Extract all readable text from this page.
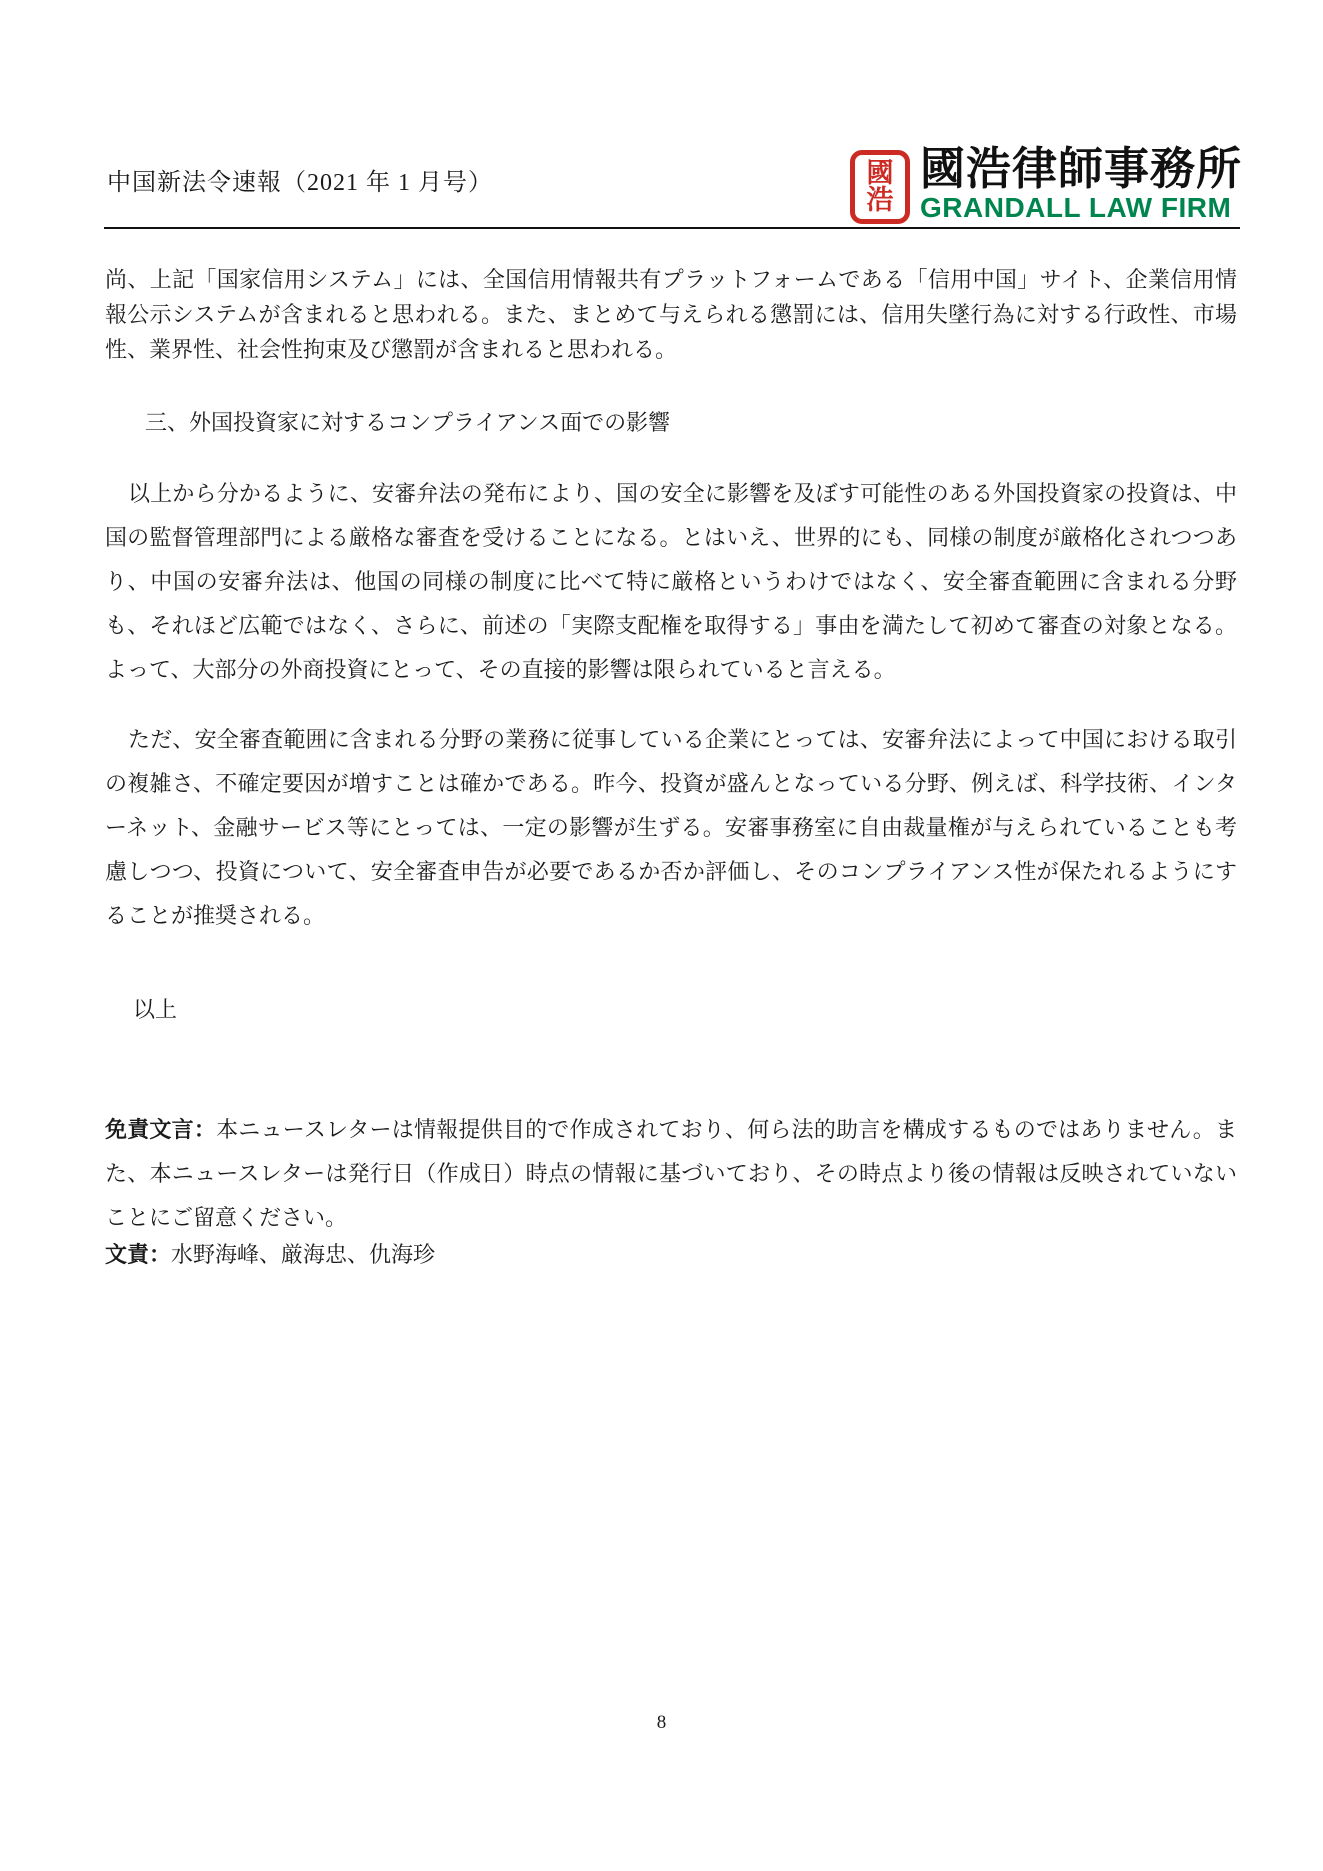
中国新法令速報（2021 年 1 月号）	國
浩
國浩律師事務所
GRANDALL LAW FIRM
尚、上記「国家信用システム」には、全国信用情報共有プラットフォームである「信用中国」サイト、企業信用情報公示システムが含まれると思われる。また、まとめて与えられる懲罰には、信用失墜行為に対する行政性、市場性、業界性、社会性拘束及び懲罰が含まれると思われる。
三、外国投資家に対するコンプライアンス面での影響
以上から分かるように、安審弁法の発布により、国の安全に影響を及ぼす可能性のある外国投資家の投資は、中国の監督管理部門による厳格な審査を受けることになる。とはいえ、世界的にも、同様の制度が厳格化されつつあり、中国の安審弁法は、他国の同様の制度に比べて特に厳格というわけではなく、安全審査範囲に含まれる分野も、それほど広範ではなく、さらに、前述の「実際支配権を取得する」事由を満たして初めて審査の対象となる。よって、大部分の外商投資にとって、その直接的影響は限られていると言える。
ただ、安全審査範囲に含まれる分野の業務に従事している企業にとっては、安審弁法によって中国における取引の複雑さ、不確定要因が増すことは確かである。昨今、投資が盛んとなっている分野、例えば、科学技術、インターネット、金融サービス等にとっては、一定の影響が生ずる。安審事務室に自由裁量権が与えられていることも考慮しつつ、投資について、安全審査申告が必要であるか否か評価し、そのコンプライアンス性が保たれるようにすることが推奨される。
以上
免責文言：本ニュースレターは情報提供目的で作成されており、何ら法的助言を構成するものではありません。また、本ニュースレターは発行日（作成日）時点の情報に基づいており、その時点より後の情報は反映されていないことにご留意ください。
文責：水野海峰、厳海忠、仇海珍
8
